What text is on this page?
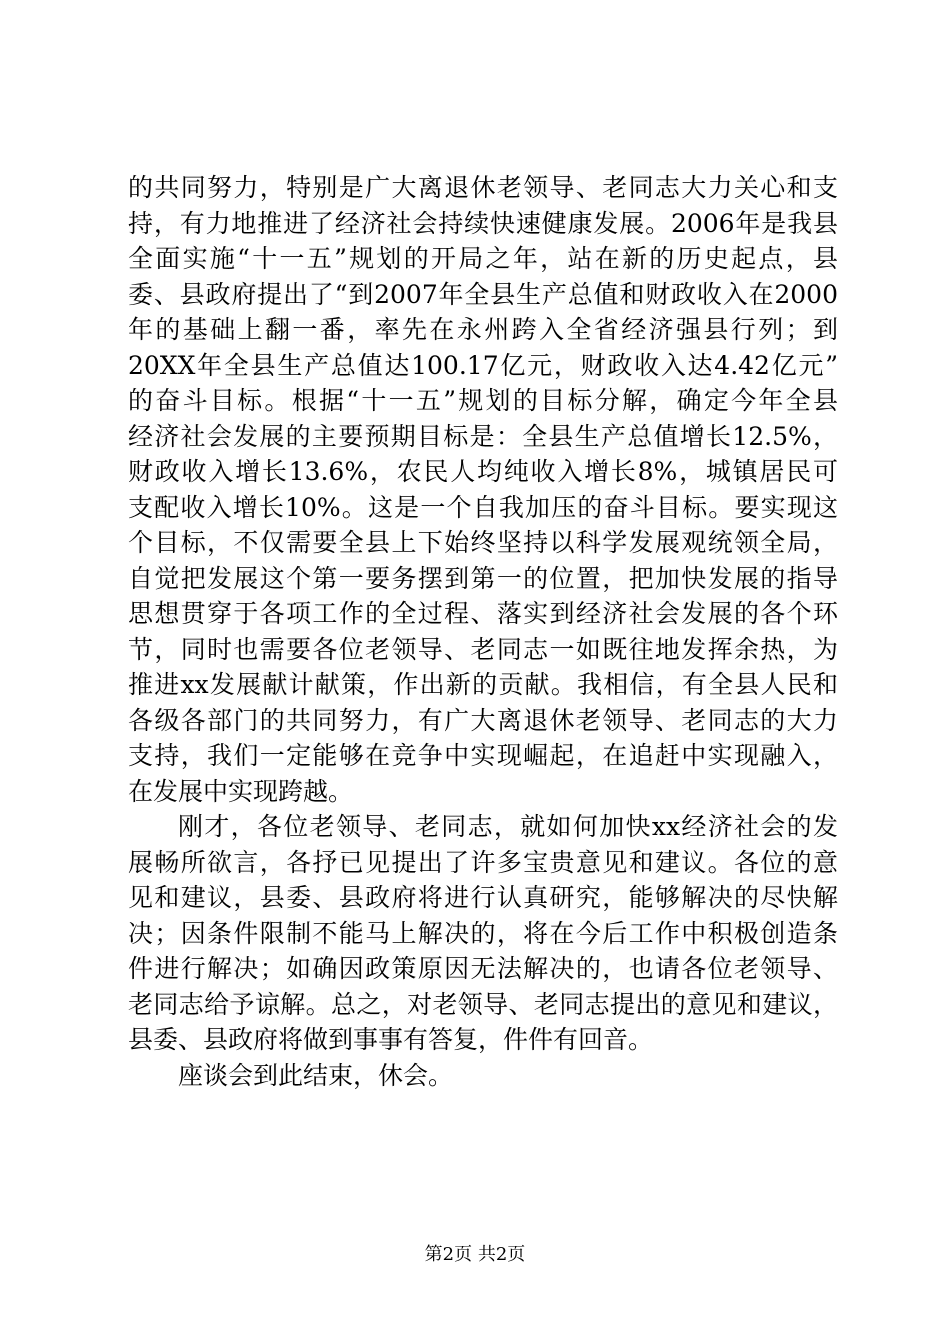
的共同努力，特别是广大离退休老领导、老同志大力关心和支
持，有力地推进了经济社会持续快速健康发展。2006年是我县
全面实施“十一五”规划的开局之年，站在新的历史起点，县
委、县政府提出了“到2007年全县生产总值和财政收入在2000
年的基础上翻一番，率先在永州跨入全省经济强县行列；到
20XX年全县生产总值达100.17亿元，财政收入达4.42亿元”
的奋斗目标。根据“十一五”规划的目标分解，确定今年全县
经济社会发展的主要预期目标是：全县生产总值增长12.5%，
财政收入增长13.6%，农民人均纯收入增长8%，城镇居民可
支配收入增长10%。这是一个自我加压的奋斗目标。要实现这
个目标，不仅需要全县上下始终坚持以科学发展观统领全局，
自觉把发展这个第一要务摆到第一的位置，把加快发展的指导
思想贯穿于各项工作的全过程、落实到经济社会发展的各个环
节，同时也需要各位老领导、老同志一如既往地发挥余热，为
推进xx发展献计献策，作出新的贡献。我相信，有全县人民和
各级各部门的共同努力，有广大离退休老领导、老同志的大力
支持，我们一定能够在竞争中实现崛起，在追赶中实现融入，
在发展中实现跨越。
刚才，各位老领导、老同志，就如何加快xx经济社会的发
展畅所欲言，各抒已见提出了许多宝贵意见和建议。各位的意
见和建议，县委、县政府将进行认真研究，能够解决的尽快解
决；因条件限制不能马上解决的，将在今后工作中积极创造条
件进行解决；如确因政策原因无法解决的，也请各位老领导、
老同志给予谅解。总之，对老领导、老同志提出的意见和建议，
县委、县政府将做到事事有答复，件件有回音。
座谈会到此结束，休会。
第2页 共2页
